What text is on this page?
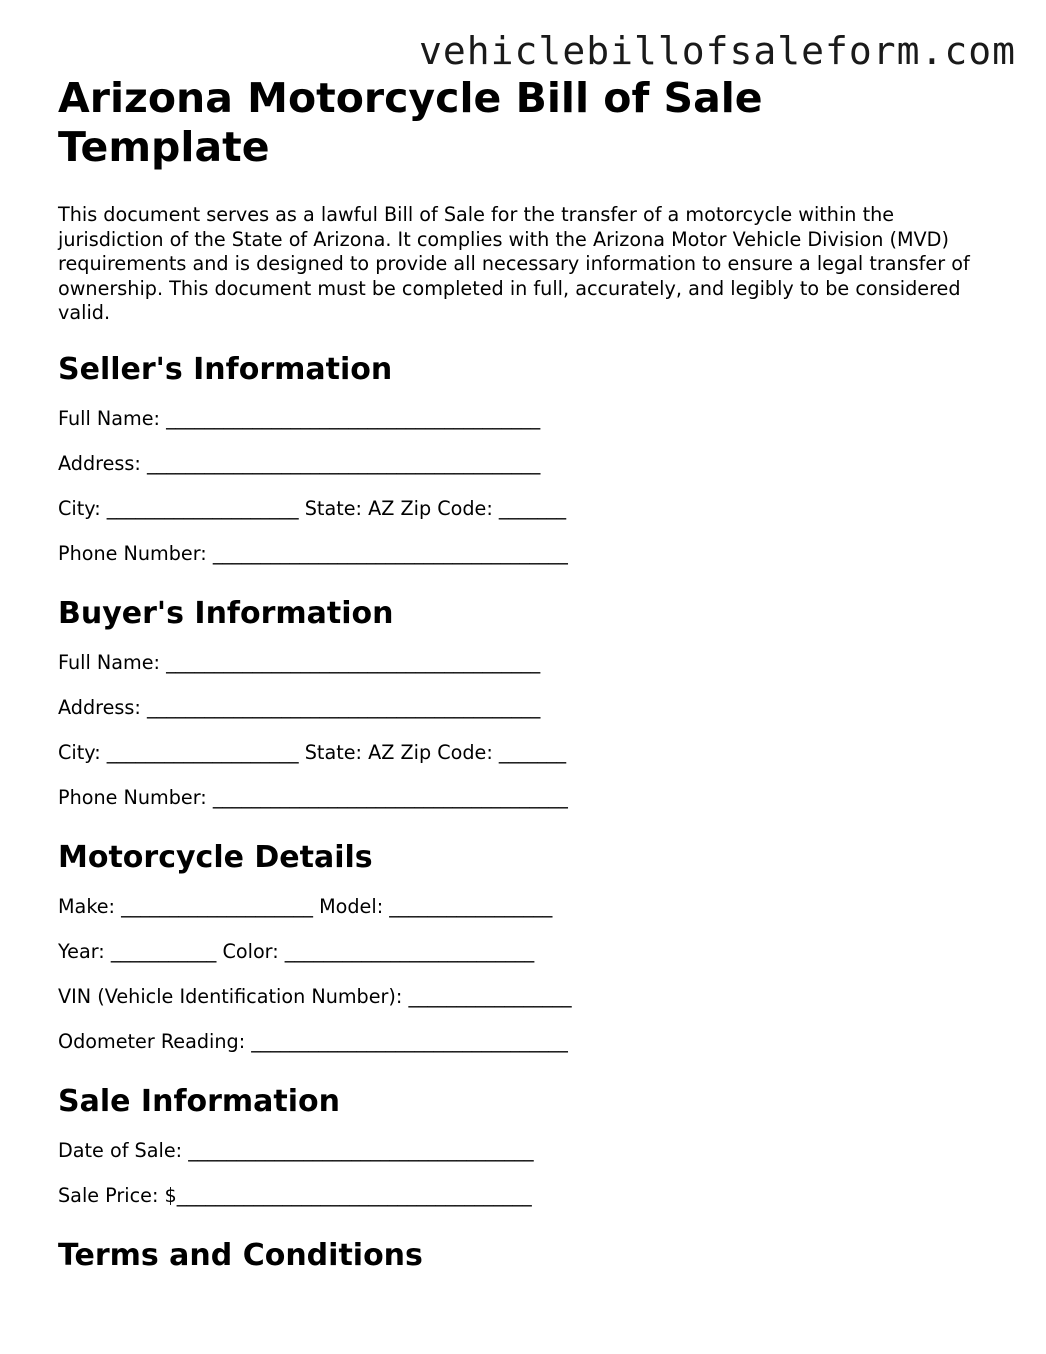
vehiclebillofsaleform.com
Arizona Motorcycle Bill of Sale Template

This document serves as a lawful Bill of Sale for the transfer of a motorcycle within the jurisdiction of the State of Arizona. It complies with the Arizona Motor Vehicle Division (MVD) requirements and is designed to provide all necessary information to ensure a legal transfer of ownership. This document must be completed in full, accurately, and legibly to be considered valid.

Seller's Information
Full Name: _______________________________________
Address: _________________________________________
City: ____________________ State: AZ Zip Code: _______
Phone Number: _____________________________________
Buyer's Information
Full Name: _______________________________________
Address: _________________________________________
City: ____________________ State: AZ Zip Code: _______
Phone Number: _____________________________________
Motorcycle Details
Make: ____________________ Model: _________________
Year: ___________ Color: __________________________
VIN (Vehicle Identification Number): _________________
Odometer Reading: _________________________________
Sale Information
Date of Sale: ____________________________________
Sale Price: $_____________________________________
Terms and Conditions
